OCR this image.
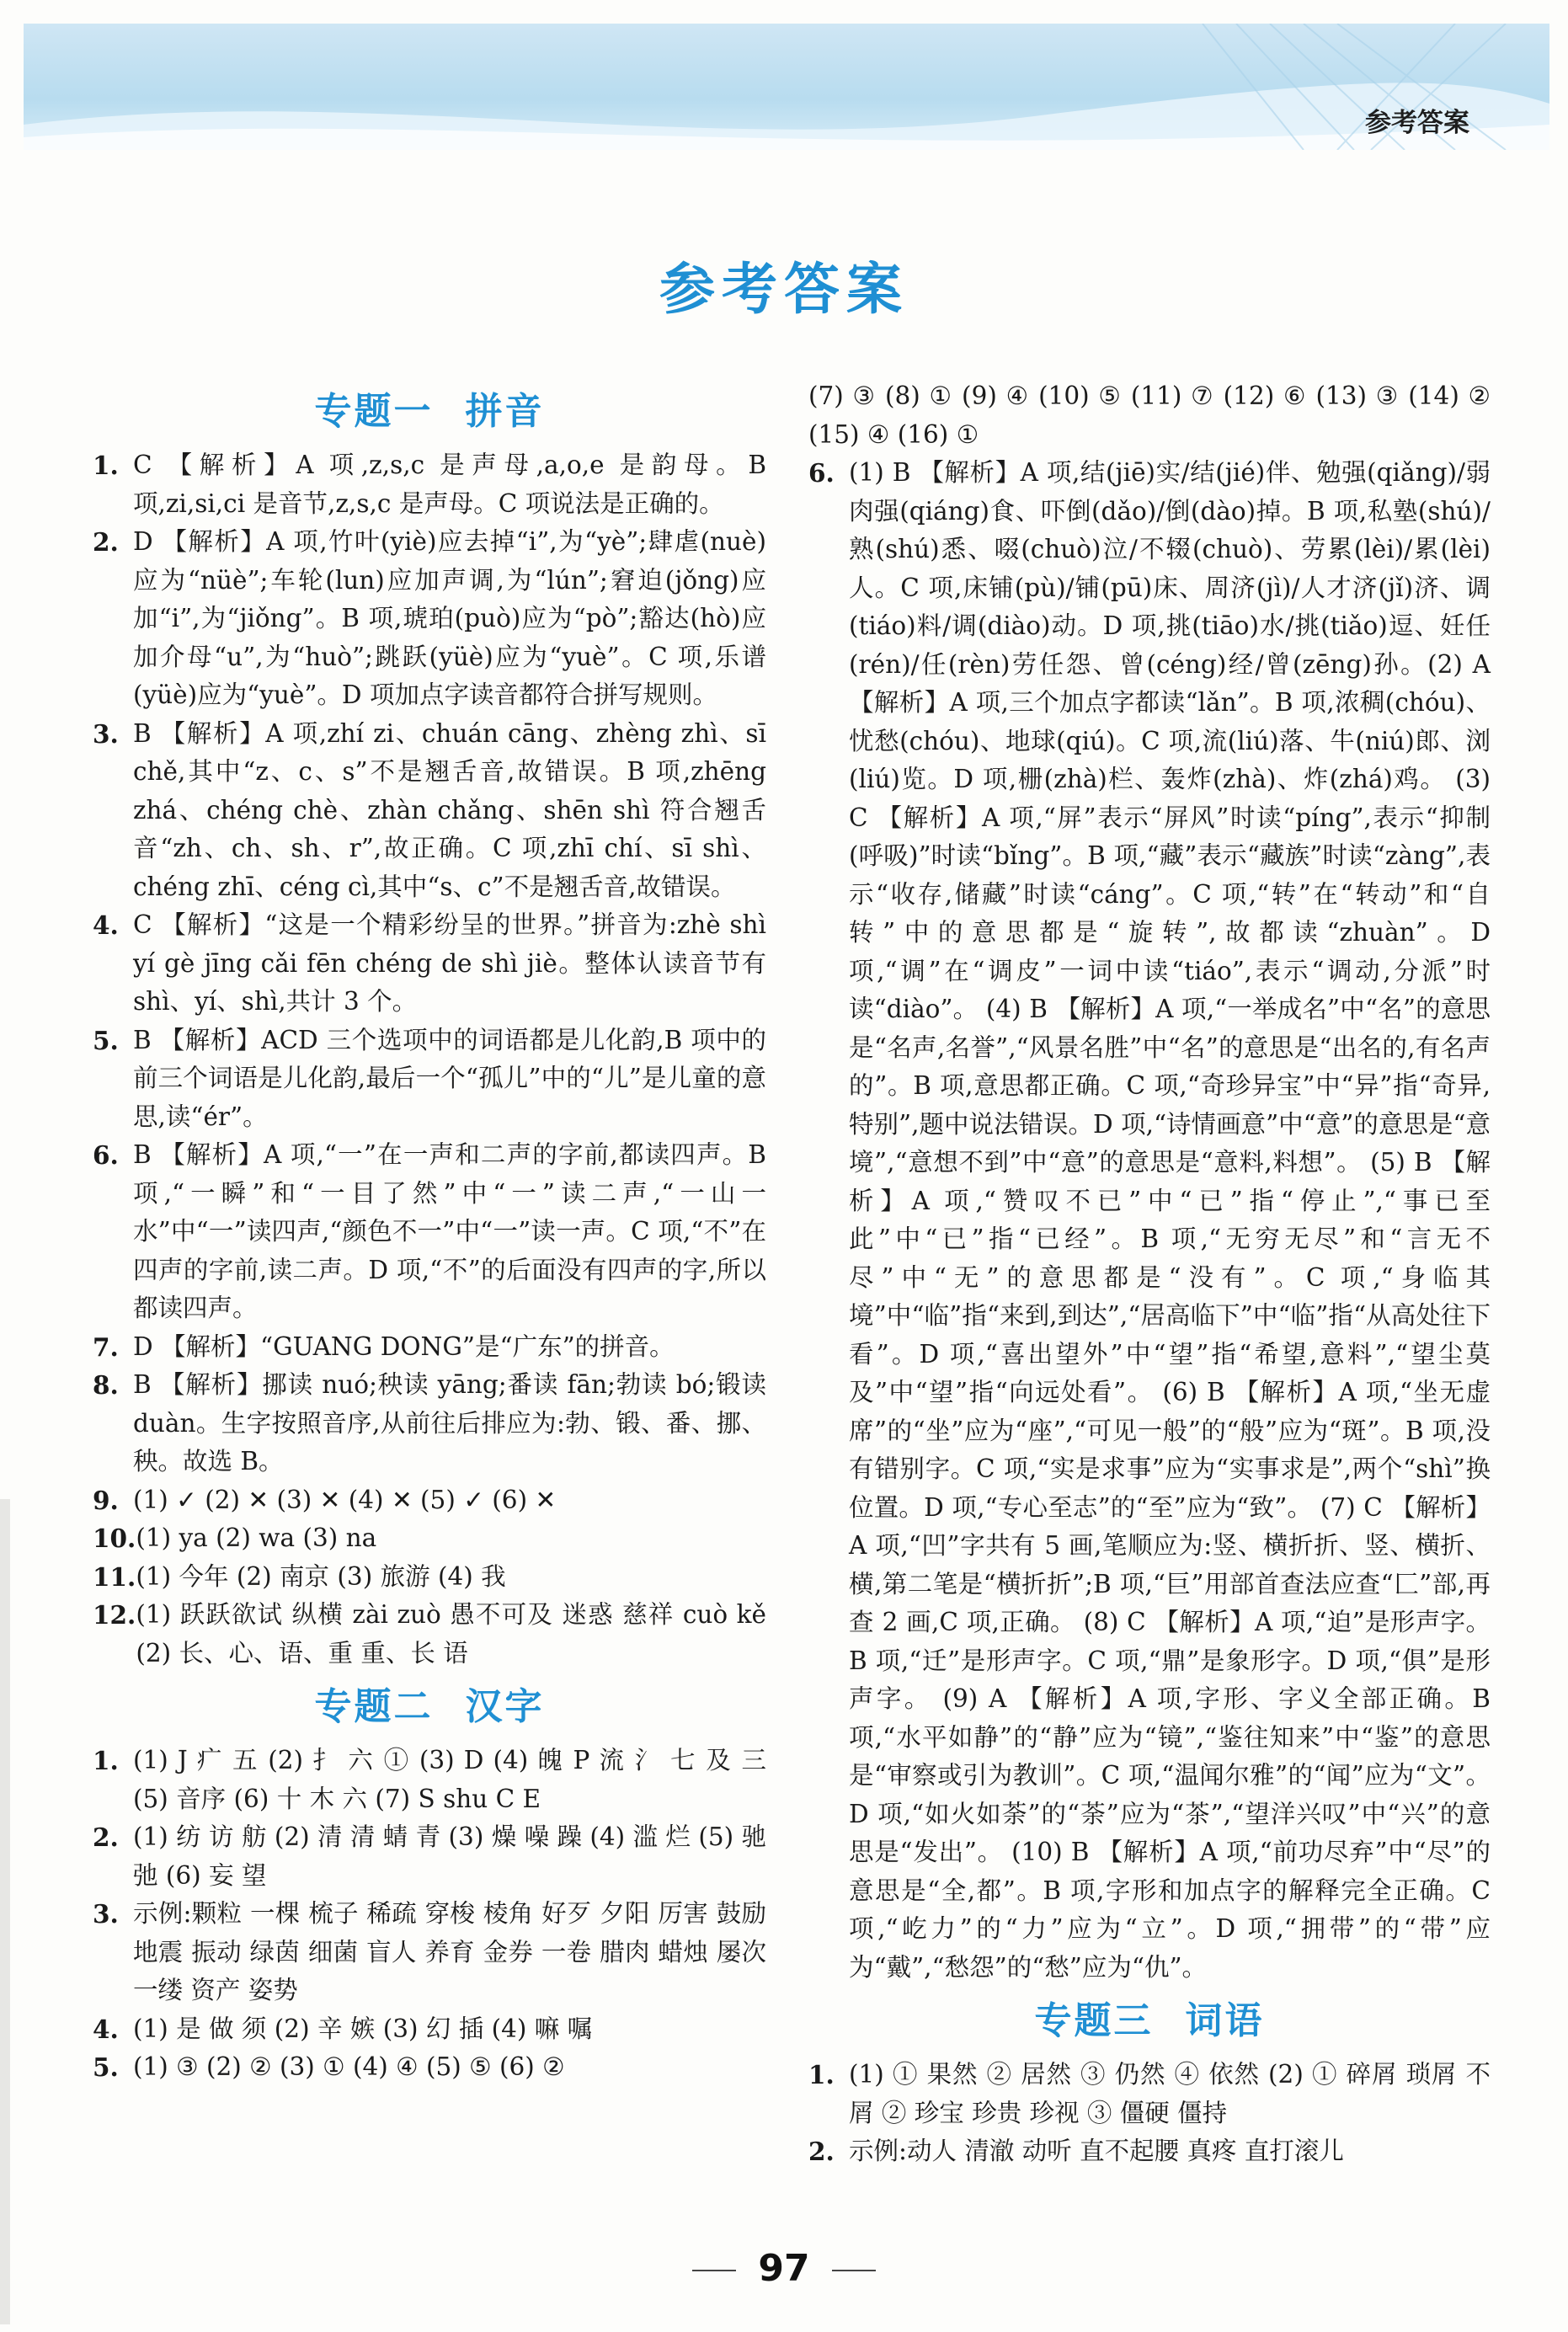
参考答案
参考答案
专题一 拼音
1. C 【解析】A 项,z,s,c 是声母,a,o,e 是韵母。B 项,zi,si,ci 是音节,z,s,c 是声母。C 项说法是正确的。
2. D 【解析】A 项,竹叶(yiè)应去掉“i”,为“yè”;肆虐(nuè)应为“nüè”;车轮(lun)应加声调,为“lún”;窘迫(jǒng)应加“i”,为“jiǒng”。B 项,琥珀(può)应为“pò”;豁达(hò)应加介母“u”,为“huò”;跳跃(yüè)应为“yuè”。C 项,乐谱(yüè)应为“yuè”。D 项加点字读音都符合拼写规则。
3. B 【解析】A 项,zhí zi、chuán cāng、zhèng zhì、sī chě,其中“z、c、s”不是翘舌音,故错误。B 项,zhēng zhá、chéng chè、zhàn chǎng、shēn shì 符合翘舌音“zh、ch、sh、r”,故正确。C 项,zhī chí、sī shì、chéng zhī、céng cì,其中“s、c”不是翘舌音,故错误。
4. C 【解析】“这是一个精彩纷呈的世界。”拼音为:zhè shì yí gè jīng cǎi fēn chéng de shì jiè。整体认读音节有 shì、yí、shì,共计 3 个。
5. B 【解析】ACD 三个选项中的词语都是儿化韵,B 项中的前三个词语是儿化韵,最后一个“孤儿”中的“儿”是儿童的意思,读“ér”。
6. B 【解析】A 项,“一”在一声和二声的字前,都读四声。B 项,“一瞬”和“一目了然”中“一”读二声,“一山一水”中“一”读四声,“颜色不一”中“一”读一声。C 项,“不”在四声的字前,读二声。D 项,“不”的后面没有四声的字,所以都读四声。
7. D 【解析】“GUANG DONG”是“广东”的拼音。
8. B 【解析】挪读 nuó;秧读 yāng;番读 fān;勃读 bó;锻读 duàn。生字按照音序,从前往后排应为:勃、锻、番、挪、秧。故选 B。
9. (1) ✓ (2) ✕ (3) ✕ (4) ✕ (5) ✓ (6) ✕
10. (1) ya (2) wa (3) na
11. (1) 今年 (2) 南京 (3) 旅游 (4) 我
12. (1) 跃跃欲试 纵横 zài zuò 愚不可及 迷惑 慈祥 cuò kě (2) 长、心、语、重 重、长 语
专题二 汉字
1. (1) J 疒 五 (2) 扌 六 ① (3) D (4) 魄 P 流 氵 七 及 三 (5) 音序 (6) 十 木 六 (7) S shu C E
2. (1) 纺 访 舫 (2) 清 清 蜻 青 (3) 燥 噪 躁 (4) 滥 烂 (5) 驰 弛 (6) 妄 望
3. 示例:颗粒 一棵 梳子 稀疏 穿梭 棱角 好歹 夕阳 厉害 鼓励 地震 振动 绿茵 细菌 盲人 养育 金券 一卷 腊肉 蜡烛 屡次 一缕 资产 姿势
4. (1) 是 做 须 (2) 辛 嫉 (3) 幻 插 (4) 嘛 嘱
5. (1) ③ (2) ② (3) ① (4) ④ (5) ⑤ (6) ②
(7) ③ (8) ① (9) ④ (10) ⑤ (11) ⑦ (12) ⑥ (13) ③ (14) ② (15) ④ (16) ①
6. (1) B 【解析】A 项,结(jiē)实/结(jié)伴、勉强(qiǎng)/弱肉强(qiáng)食、吓倒(dǎo)/倒(dào)掉。B 项,私塾(shú)/熟(shú)悉、啜(chuò)泣/不辍(chuò)、劳累(lèi)/累(lèi)人。C 项,床铺(pù)/铺(pū)床、周济(jì)/人才济(jǐ)济、调(tiáo)料/调(diào)动。D 项,挑(tiāo)水/挑(tiǎo)逗、妊任(rén)/任(rèn)劳任怨、曾(céng)经/曾(zēng)孙。(2) A 【解析】A 项,三个加点字都读“lǎn”。B 项,浓稠(chóu)、忧愁(chóu)、地球(qiú)。C 项,流(liú)落、牛(niú)郎、浏(liú)览。D 项,栅(zhà)栏、轰炸(zhà)、炸(zhá)鸡。 (3) C 【解析】A 项,“屏”表示“屏风”时读“píng”,表示“抑制(呼吸)”时读“bǐng”。B 项,“藏”表示“藏族”时读“zàng”,表示“收存,储藏”时读“cáng”。C 项,“转”在“转动”和“自转”中的意思都是“旋转”,故都读“zhuàn”。D 项,“调”在“调皮”一词中读“tiáo”,表示“调动,分派”时读“diào”。 (4) B 【解析】A 项,“一举成名”中“名”的意思是“名声,名誉”,“风景名胜”中“名”的意思是“出名的,有名声的”。B 项,意思都正确。C 项,“奇珍异宝”中“异”指“奇异,特别”,题中说法错误。D 项,“诗情画意”中“意”的意思是“意境”,“意想不到”中“意”的意思是“意料,料想”。 (5) B 【解析】A 项,“赞叹不已”中“已”指“停止”,“事已至此”中“已”指“已经”。B 项,“无穷无尽”和“言无不尽”中“无”的意思都是“没有”。C 项,“身临其境”中“临”指“来到,到达”,“居高临下”中“临”指“从高处往下看”。D 项,“喜出望外”中“望”指“希望,意料”,“望尘莫及”中“望”指“向远处看”。 (6) B 【解析】A 项,“坐无虚席”的“坐”应为“座”,“可见一般”的“般”应为“斑”。B 项,没有错别字。C 项,“实是求事”应为“实事求是”,两个“shì”换位置。D 项,“专心至志”的“至”应为“致”。 (7) C 【解析】A 项,“凹”字共有 5 画,笔顺应为:竖、横折折、竖、横折、横,第二笔是“横折折”;B 项,“巨”用部首查法应查“匚”部,再查 2 画,C 项,正确。 (8) C 【解析】A 项,“迫”是形声字。B 项,“迁”是形声字。C 项,“鼎”是象形字。D 项,“俱”是形声字。 (9) A 【解析】A 项,字形、字义全部正确。B 项,“水平如静”的“静”应为“镜”,“鉴往知来”中“鉴”的意思是“审察或引为教训”。C 项,“温闻尔雅”的“闻”应为“文”。D 项,“如火如荼”的“荼”应为“茶”,“望洋兴叹”中“兴”的意思是“发出”。 (10) B 【解析】A 项,“前功尽弃”中“尽”的意思是“全,都”。B 项,字形和加点字的解释完全正确。C 项,“屹力”的“力”应为“立”。D 项,“拥带”的“带”应为“戴”,“愁怨”的“愁”应为“仇”。
专题三 词语
1. (1) ① 果然 ② 居然 ③ 仍然 ④ 依然 (2) ① 碎屑 琐屑 不屑 ② 珍宝 珍贵 珍视 ③ 僵硬 僵持
2. 示例:动人 清澈 动听 直不起腰 真疼 直打滚儿
97
